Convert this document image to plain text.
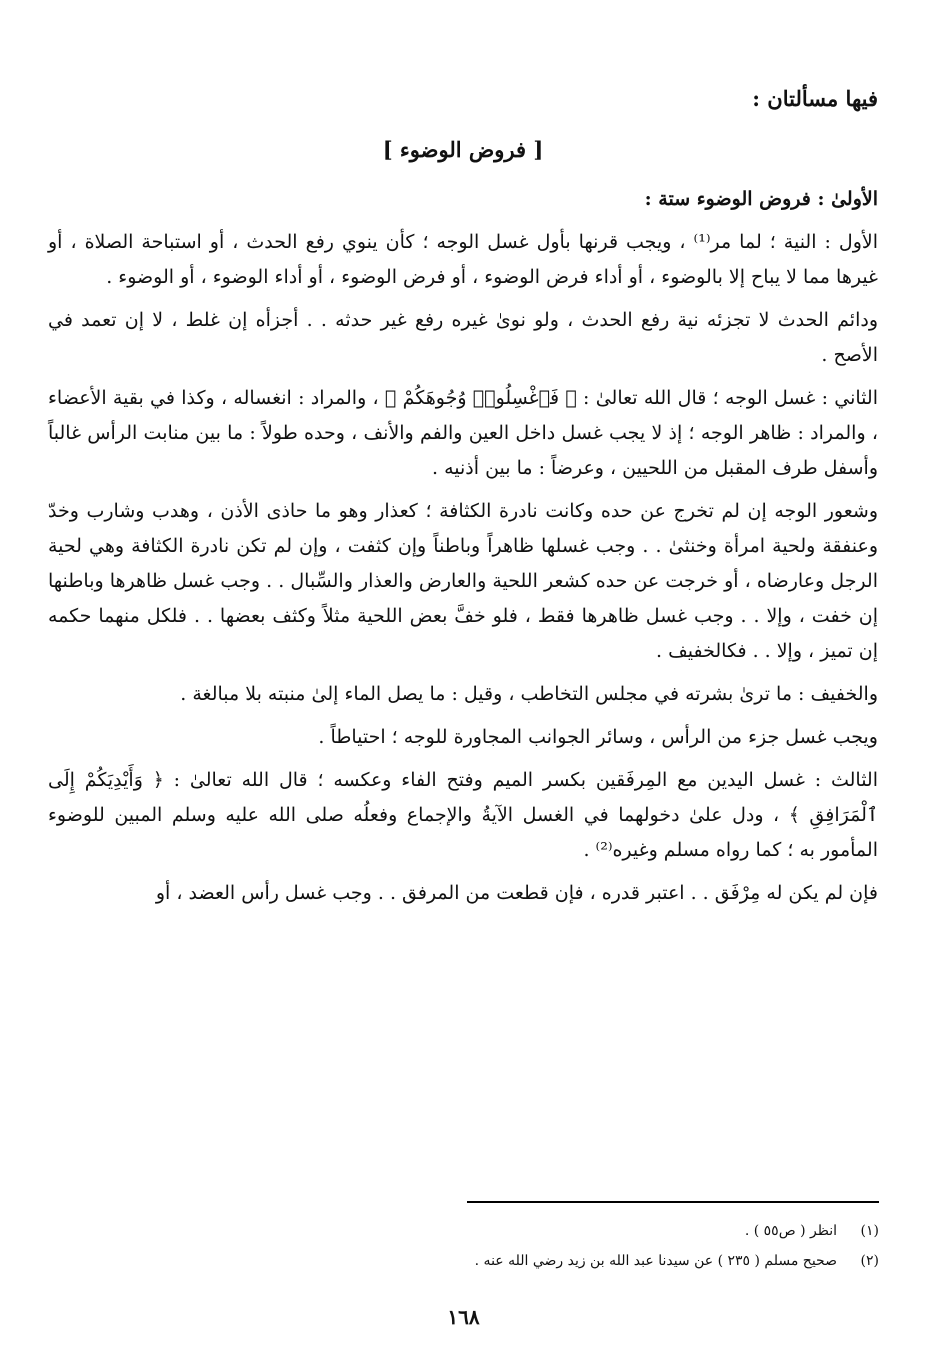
فيها مسألتان :
[ فروض الوضوء ]

الأولىٰ : فروض الوضوء ستة :

الأول : النية ؛ لما مر⁽¹⁾ ، ويجب قرنها بأول غسل الوجه ؛ كأن ينوي رفع الحدث ، أو استباحة الصلاة ، أو غيرها مما لا يباح إلا بالوضوء ، أو أداء فرض الوضوء ، أو فرض الوضوء ، أو أداء الوضوء ، أو الوضوء .

ودائم الحدث لا تجزئه نية رفع الحدث ، ولو نوىٰ غيره رفع غير حدثه . . أجزأه إن غلط ، لا إن تعمد في الأصح .

الثاني : غسل الوجه ؛ قال الله تعالىٰ : ﴿ فَٱغْسِلُوا۟ وُجُوهَكُمْ ﴾ ، والمراد : انغساله ، وكذا في بقية الأعضاء ، والمراد : ظاهر الوجه ؛ إذ لا يجب غسل داخل العين والفم والأنف ، وحده طولاً : ما بين منابت الرأس غالباً وأسفل طرف المقبل من اللحيين ، وعرضاً : ما بين أذنيه .

وشعور الوجه إن لم تخرج عن حده وكانت نادرة الكثافة ؛ كعذار وهو ما حاذى الأذن ، وهدب وشارب وخدّ وعنفقة ولحية امرأة وخنثىٰ . . وجب غسلها ظاهراً وباطناً وإن كثفت ، وإن لم تكن نادرة الكثافة وهي لحية الرجل وعارضاه ، أو خرجت عن حده كشعر اللحية والعارض والعذار والسِّبال . . وجب غسل ظاهرها وباطنها إن خفت ، وإلا . . وجب غسل ظاهرها فقط ، فلو خفَّ بعض اللحية مثلاً وكثف بعضها . . فلكل منهما حكمه إن تميز ، وإلا . . فكالخفيف .

والخفيف : ما ترىٰ بشرته في مجلس التخاطب ، وقيل : ما يصل الماء إلىٰ منبته بلا مبالغة .

ويجب غسل جزء من الرأس ، وسائر الجوانب المجاورة للوجه ؛ احتياطاً .

الثالث : غسل اليدين مع المِرفَقين بكسر الميم وفتح الفاء وعكسه ؛ قال الله تعالىٰ : ﴿ وَأَيْدِيَكُمْ إِلَى ٱلْمَرَافِقِ ﴾ ، ودل علىٰ دخولهما في الغسل الآيةُ والإجماع وفعلُه صلى الله عليه وسلم المبين للوضوء المأمور به ؛ كما رواه مسلم وغيره⁽²⁾ .

فإن لم يكن له مِرْفَق . . اعتبر قدره ، فإن قطعت من المرفق . . وجب غسل رأس العضد ، أو

(١)
انظر ( ص٥٥ ) .
(٢)
صحيح مسلم ( ٢٣٥ ) عن سيدنا عبد الله بن زيد رضي الله عنه .
١٦٨
